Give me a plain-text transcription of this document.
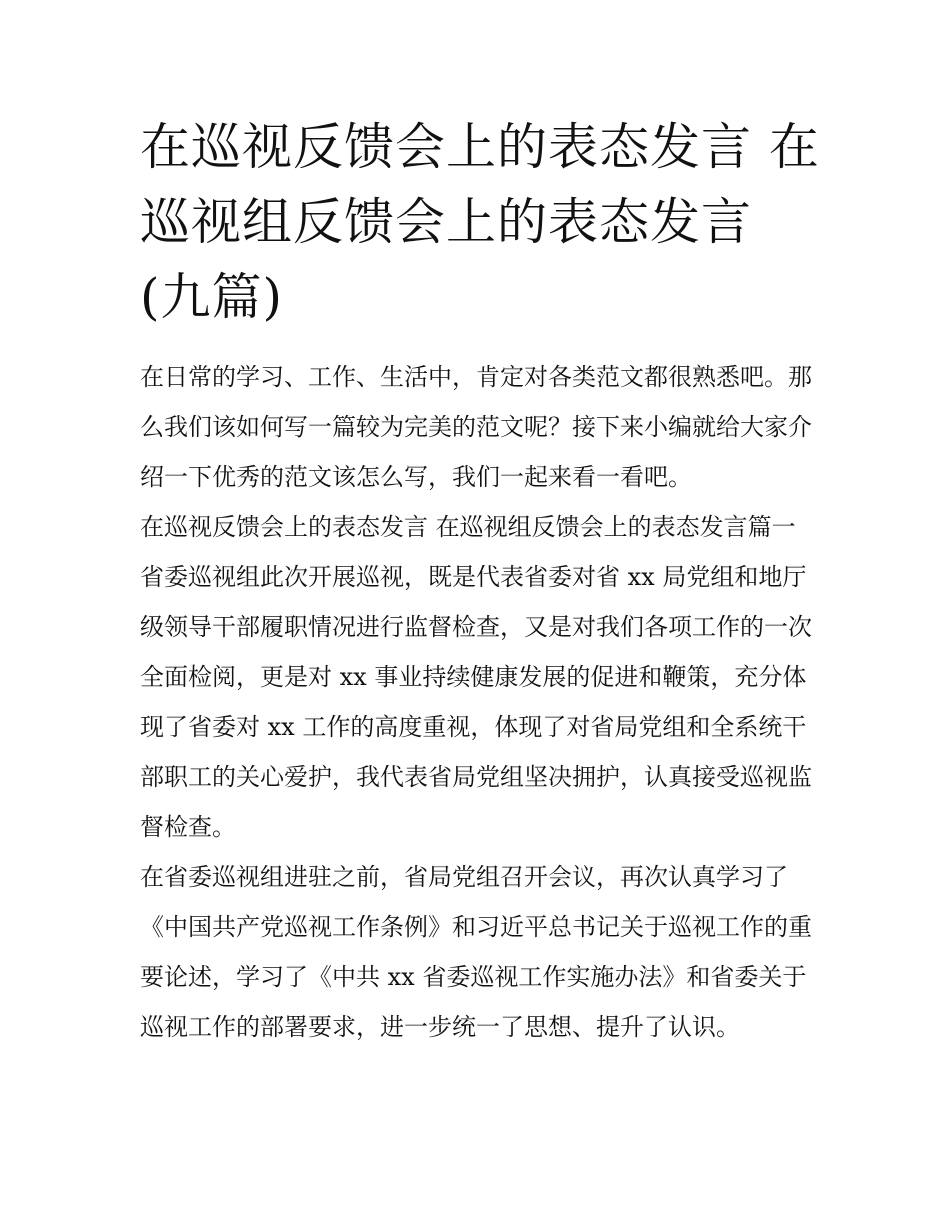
在巡视反馈会上的表态发言 在巡视组反馈会上的表态发言(九篇)

在日常的学习、工作、生活中，肯定对各类范文都很熟悉吧。那么我们该如何写一篇较为完美的范文呢？接下来小编就给大家介绍一下优秀的范文该怎么写，我们一起来看一看吧。

在巡视反馈会上的表态发言 在巡视组反馈会上的表态发言篇一

省委巡视组此次开展巡视，既是代表省委对省 xx 局党组和地厅级领导干部履职情况进行监督检查，又是对我们各项工作的一次全面检阅，更是对 xx 事业持续健康发展的促进和鞭策，充分体现了省委对 xx 工作的高度重视，体现了对省局党组和全系统干部职工的关心爱护，我代表省局党组坚决拥护，认真接受巡视监督检查。

在省委巡视组进驻之前，省局党组召开会议，再次认真学习了《中国共产党巡视工作条例》和习近平总书记关于巡视工作的重要论述，学习了《中共 xx 省委巡视工作实施办法》和省委关于巡视工作的部署要求，进一步统一了思想、提升了认识。
